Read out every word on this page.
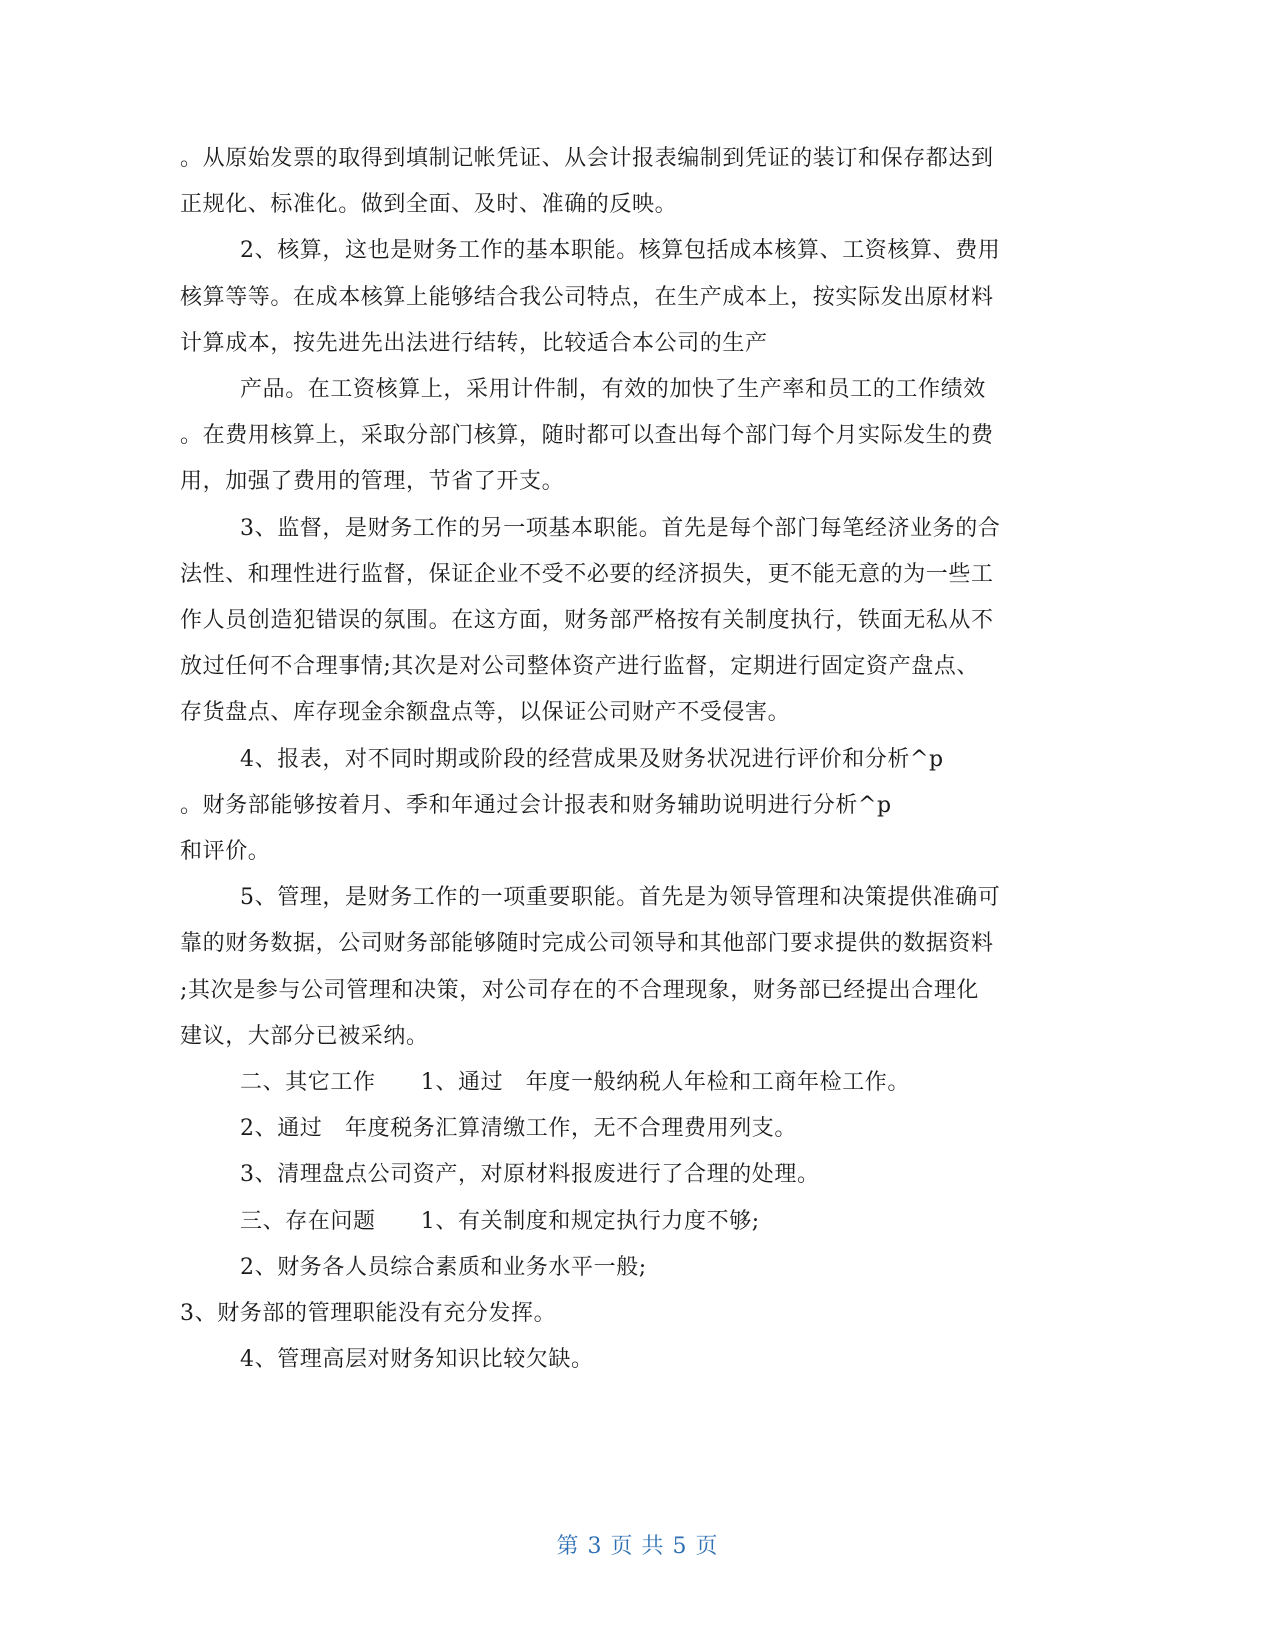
。从原始发票的取得到填制记帐凭证、从会计报表编制到凭证的装订和保存都达到
正规化、标准化。做到全面、及时、准确的反映。
2、核算，这也是财务工作的基本职能。核算包括成本核算、工资核算、费用
核算等等。在成本核算上能够结合我公司特点，在生产成本上，按实际发出原材料
计算成本，按先进先出法进行结转，比较适合本公司的生产
产品。在工资核算上，采用计件制，有效的加快了生产率和员工的工作绩效
。在费用核算上，采取分部门核算，随时都可以查出每个部门每个月实际发生的费
用，加强了费用的管理，节省了开支。
3、监督，是财务工作的另一项基本职能。首先是每个部门每笔经济业务的合
法性、和理性进行监督，保证企业不受不必要的经济损失，更不能无意的为一些工
作人员创造犯错误的氛围。在这方面，财务部严格按有关制度执行，铁面无私从不
放过任何不合理事情;其次是对公司整体资产进行监督，定期进行固定资产盘点、
存货盘点、库存现金余额盘点等，以保证公司财产不受侵害。
4、报表，对不同时期或阶段的经营成果及财务状况进行评价和分析^p
。财务部能够按着月、季和年通过会计报表和财务辅助说明进行分析^p
和评价。
5、管理，是财务工作的一项重要职能。首先是为领导管理和决策提供准确可
靠的财务数据，公司财务部能够随时完成公司领导和其他部门要求提供的数据资料
;其次是参与公司管理和决策，对公司存在的不合理现象，财务部已经提出合理化
建议，大部分已被采纳。
二、其它工作　　1、通过　年度一般纳税人年检和工商年检工作。
2、通过　年度税务汇算清缴工作，无不合理费用列支。
3、清理盘点公司资产，对原材料报废进行了合理的处理。
三、存在问题　　1、有关制度和规定执行力度不够;
2、财务各人员综合素质和业务水平一般;
3、财务部的管理职能没有充分发挥。
4、管理高层对财务知识比较欠缺。
第 3 页 共 5 页
